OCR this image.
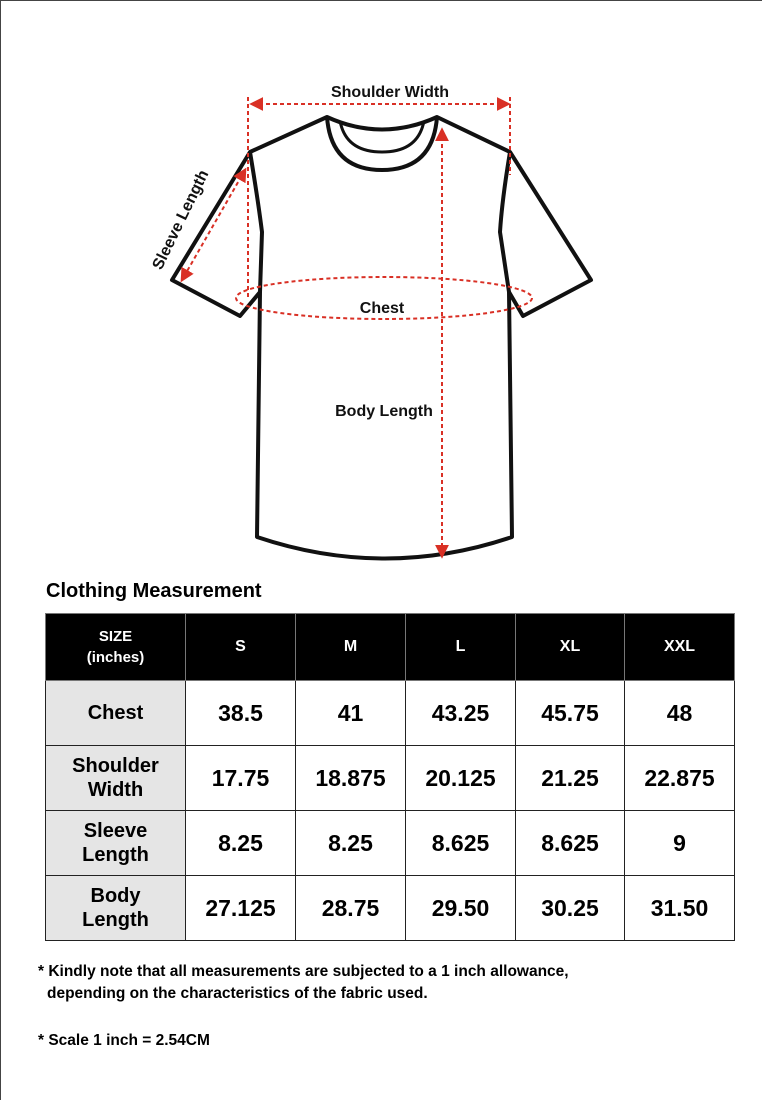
Shoulder Width
Sleeve Length
Chest
Body Length
Clothing Measurement
SIZE
(inches)	S	M	L	XL	XXL
Chest	38.5	41	43.25	45.75	48
Shoulder
Width	17.75	18.875	20.125	21.25	22.875
Sleeve
Length	8.25	8.25	8.625	8.625	9
Body
Length	27.125	28.75	29.50	30.25	31.50

* Kindly note that all measurements are subjected to a 1 inch allowance,
depending on the characteristics of the fabric used.

* Scale 1 inch = 2.54CM
